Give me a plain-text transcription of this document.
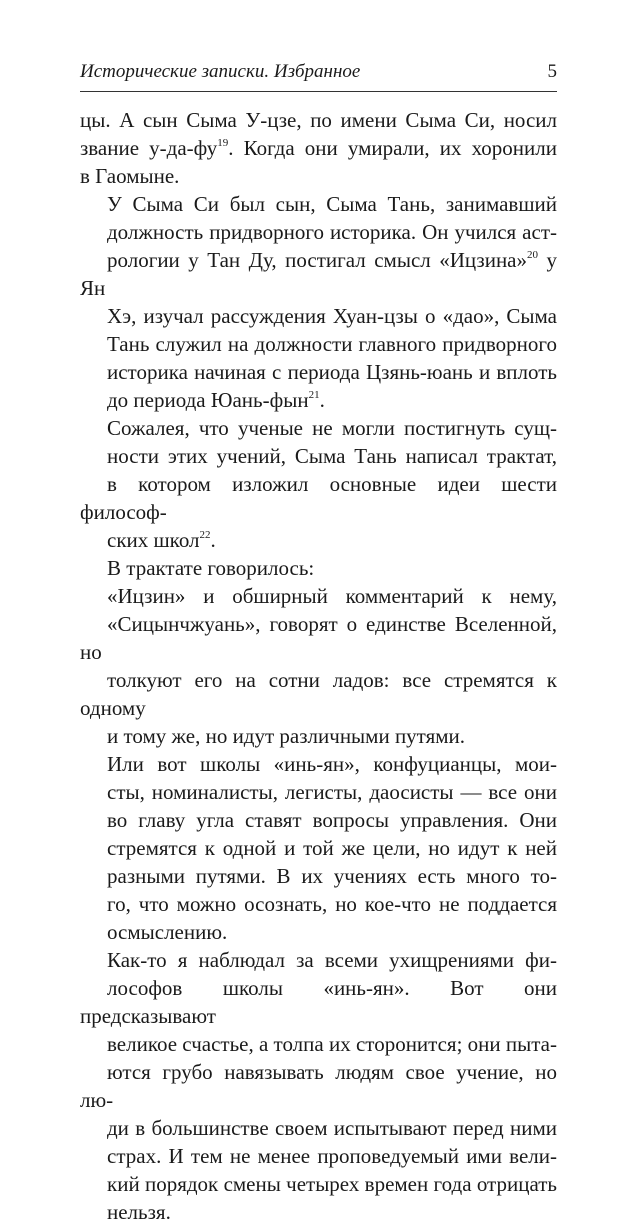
Исторические записки. Избранное	5

цы. А сын Сыма У-цзе, по имени Сыма Си, носил
звание $у-да-фу^{19}$. Когда они умирали, их хоронили
в Гаомыне.

У Сыма Си был сын, Сыма Тань, занимавший
должность придворного историка. Он учился аст-
рологии у Тан Ду, постигал смысл «Ицзина»$^{20}$ у Ян
Хэ, изучал рассуждения Хуан-цзы о «дао», Сыма
Тань служил на должности главного придворного
историка начиная с периода Цзянь-юань и вплоть
до периода Юань-фын$^{21}$.

Сожалея, что ученые не могли постигнуть сущ-
ности этих учений, Сыма Тань написал трактат,
в котором изложил основные идеи шести философ-
ских школ$^{22}$.

В трактате говорилось:

«Ицзин» и обширный комментарий к нему,
«Сицынчжуань», говорят о единстве Вселенной, но
толкуют его на сотни ладов: все стремятся к одному
и тому же, но идут различными путями.

Или вот школы «инь-ян», конфуцианцы, мои-
сты, номиналисты, легисты, даосисты — все они
во главу угла ставят вопросы управления. Они
стремятся к одной и той же цели, но идут к ней
разными путями. В их учениях есть много то-
го, что можно осознать, но кое-что не поддается
осмыслению.

Как-то я наблюдал за всеми ухищрениями фи-
лософов школы «инь-ян». Вот они предсказывают
великое счастье, а толпа их сторонится; они пыта-
ются грубо навязывать людям свое учение, но лю-
ди в большинстве своем испытывают перед ними
страх. И тем не менее проповедуемый ими вели-
кий порядок смены четырех времен года отрицать
нельзя.
